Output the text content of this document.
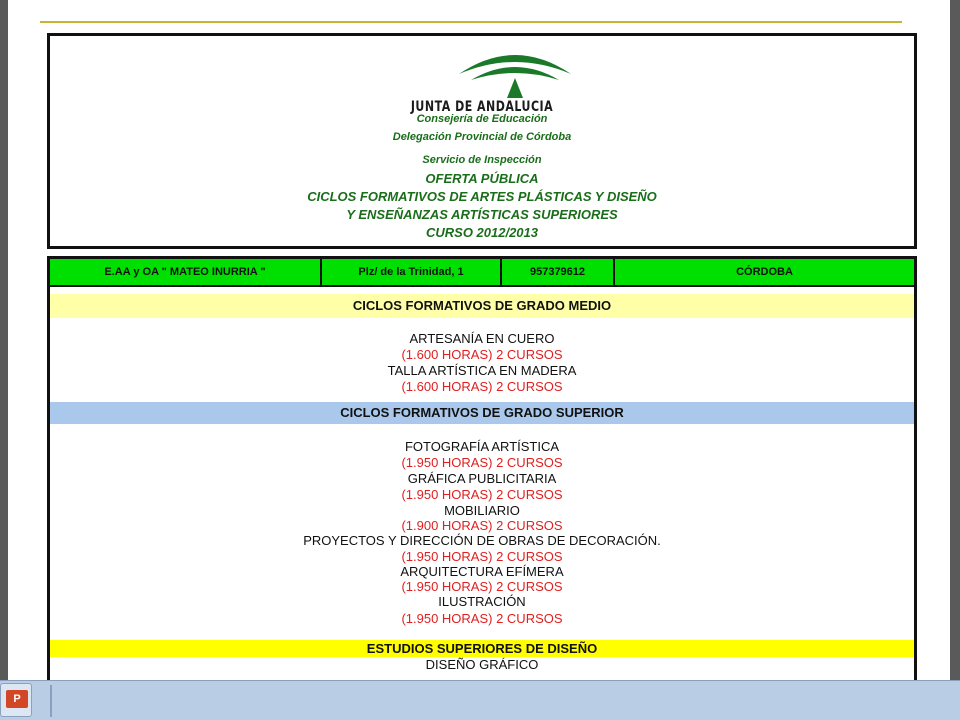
JUNTA DE ANDALUCIA
Consejería de Educación
Delegación Provincial de Córdoba
Servicio de Inspección
OFERTA PÚBLICA
CICLOS FORMATIVOS DE ARTES PLÁSTICAS Y DISEÑO
Y ENSEÑANZAS ARTÍSTICAS SUPERIORES
CURSO 2012/2013
E.AA y OA " MATEO INURRIA "	Plz/ de la Trinidad, 1	957379612	CÓRDOBA
CICLOS FORMATIVOS DE GRADO MEDIO
ARTESANÍA EN CUERO
(1.600 HORAS) 2 CURSOS
TALLA ARTÍSTICA EN MADERA
(1.600 HORAS) 2 CURSOS
CICLOS FORMATIVOS DE GRADO SUPERIOR
FOTOGRAFÍA ARTÍSTICA
(1.950 HORAS) 2 CURSOS
GRÁFICA PUBLICITARIA
(1.950 HORAS) 2 CURSOS
MOBILIARIO
(1.900 HORAS) 2 CURSOS
PROYECTOS Y DIRECCIÓN DE OBRAS DE DECORACIÓN.
(1.950 HORAS) 2 CURSOS
ARQUITECTURA EFÍMERA
(1.950 HORAS) 2 CURSOS
ILUSTRACIÓN
(1.950 HORAS) 2 CURSOS
ESTUDIOS SUPERIORES DE DISEÑO
DISEÑO GRÁFICO
P
